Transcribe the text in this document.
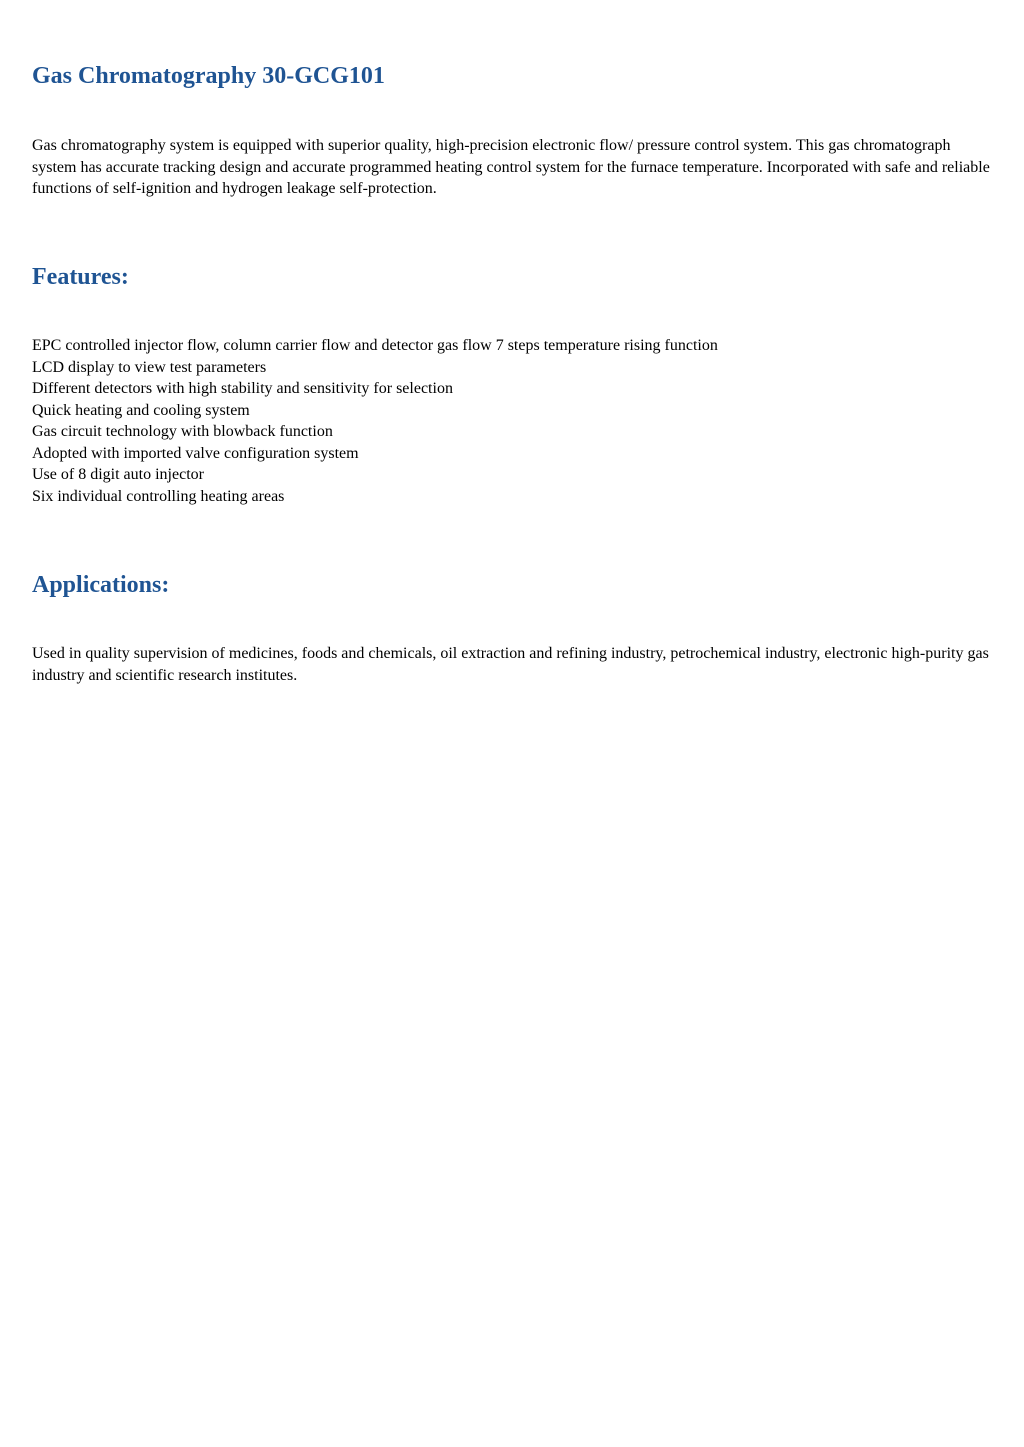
Gas Chromatography 30-GCG101

Gas chromatography system is equipped with superior quality, high-precision electronic flow/ pressure control system. This gas chromatograph system has accurate tracking design and accurate programmed heating control system for the furnace temperature. Incorporated with safe and reliable functions of self-ignition and hydrogen leakage self-protection.

Features:
EPC controlled injector flow, column carrier flow and detector gas flow 7 steps temperature rising function
LCD display to view test parameters
Different detectors with high stability and sensitivity for selection
Quick heating and cooling system
Gas circuit technology with blowback function
Adopted with imported valve configuration system
Use of 8 digit auto injector
Six individual controlling heating areas
Applications:

Used in quality supervision of medicines, foods and chemicals, oil extraction and refining industry, petrochemical industry, electronic high-purity gas industry and scientific research institutes.
